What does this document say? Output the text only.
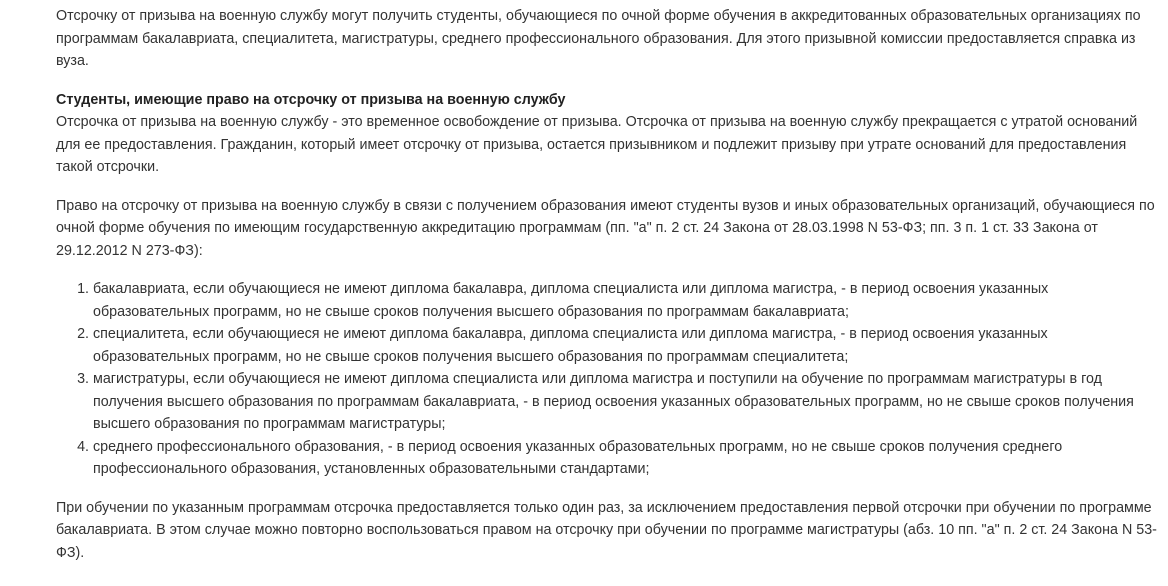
Отсрочку от призыва на военную службу могут получить студенты, обучающиеся по очной форме обучения в аккредитованных образовательных организациях по программам бакалавриата, специалитета, магистратуры, среднего профессионального образования. Для этого призывной комиссии предоставляется справка из вуза.

Студенты, имеющие право на отсрочку от призыва на военную службу

Отсрочка от призыва на военную службу - это временное освобождение от призыва. Отсрочка от призыва на военную службу прекращается с утратой оснований для ее предоставления. Гражданин, который имеет отсрочку от призыва, остается призывником и подлежит призыву при утрате оснований для предоставления такой отсрочки.

Право на отсрочку от призыва на военную службу в связи с получением образования имеют студенты вузов и иных образовательных организаций, обучающиеся по очной форме обучения по имеющим государственную аккредитацию программам (пп. "а" п. 2 ст. 24 Закона от 28.03.1998 N 53-ФЗ; пп. 3 п. 1 ст. 33 Закона от 29.12.2012 N 273-ФЗ):

1. бакалавриата, если обучающиеся не имеют диплома бакалавра, диплома специалиста или диплома магистра, - в период освоения указанных образовательных программ, но не свыше сроков получения высшего образования по программам бакалавриата;
2. специалитета, если обучающиеся не имеют диплома бакалавра, диплома специалиста или диплома магистра, - в период освоения указанных образовательных программ, но не свыше сроков получения высшего образования по программам специалитета;
3. магистратуры, если обучающиеся не имеют диплома специалиста или диплома магистра и поступили на обучение по программам магистратуры в год получения высшего образования по программам бакалавриата, - в период освоения указанных образовательных программ, но не свыше сроков получения высшего образования по программам магистратуры;
4. среднего профессионального образования, - в период освоения указанных образовательных программ, но не свыше сроков получения среднего профессионального образования, установленных образовательными стандартами;

При обучении по указанным программам отсрочка предоставляется только один раз, за исключением предоставления первой отсрочки при обучении по программе бакалавриата. В этом случае можно повторно воспользоваться правом на отсрочку при обучении по программе магистратуры (абз. 10 пп. "а" п. 2 ст. 24 Закона N 53-ФЗ).
